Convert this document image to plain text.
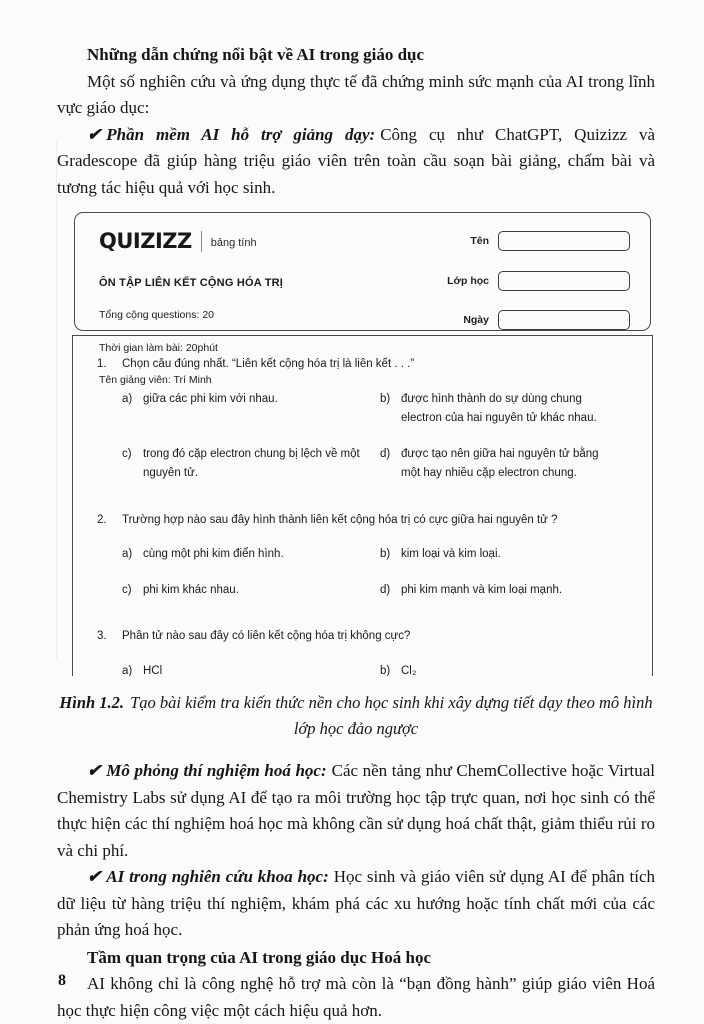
Những dẫn chứng nổi bật về AI trong giáo dục

Một số nghiên cứu và ứng dụng thực tế đã chứng minh sức mạnh của AI trong lĩnh vực giáo dục:

✔ Phần mềm AI hỗ trợ giảng dạy: Công cụ như ChatGPT, Quizizz và Gradescope đã giúp hàng triệu giáo viên trên toàn cầu soạn bài giảng, chấm bài và tương tác hiệu quả với học sinh.

QUIZIZZ bảng tính
ÔN TẬP LIÊN KẾT CỘNG HÓA TRỊ
Tổng cộng questions: 20
Thời gian làm bài: 20phút
Tên giảng viên: Trí Minh
Tên
Lớp học
Ngày
1.	Chọn câu đúng nhất. “Liên kết cộng hóa trị là liên kết . . .”
a) giữa các phi kim với nhau.	b) được hình thành do sự dùng chung electron của hai nguyên tử khác nhau.
c) trong đó cặp electron chung bị lệch về một nguyên tử.
d) được tạo nên giữa hai nguyên tử bằng một hay nhiều cặp electron chung.
2.	Trường hợp nào sau đây hình thành liên kết cộng hóa trị có cực giữa hai nguyên tử ?
a) cùng một phi kim điển hình.	b) kim loại và kim loại.
c) phi kim khác nhau.	d) phi kim mạnh và kim loại mạnh.
3.	Phân tử nào sau đây có liên kết cộng hóa trị không cực?
a) HCl	b) Cl₂
Hình 1.2. Tạo bài kiểm tra kiến thức nền cho học sinh khi xây dựng tiết dạy theo mô hình lớp học đảo ngược

✔ Mô phỏng thí nghiệm hoá học: Các nền tảng như ChemCollective hoặc Virtual Chemistry Labs sử dụng AI để tạo ra môi trường học tập trực quan, nơi học sinh có thể thực hiện các thí nghiệm hoá học mà không cần sử dụng hoá chất thật, giảm thiểu rủi ro và chi phí.

✔ AI trong nghiên cứu khoa học: Học sinh và giáo viên sử dụng AI để phân tích dữ liệu từ hàng triệu thí nghiệm, khám phá các xu hướng hoặc tính chất mới của các phản ứng hoá học.

Tầm quan trọng của AI trong giáo dục Hoá học

AI không chỉ là công nghệ hỗ trợ mà còn là “bạn đồng hành” giúp giáo viên Hoá học thực hiện công việc một cách hiệu quả hơn.

8
